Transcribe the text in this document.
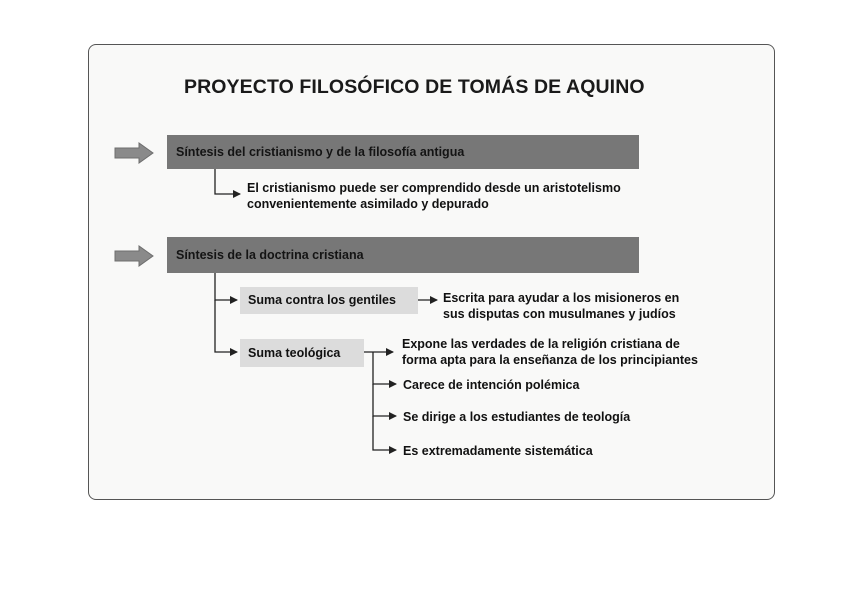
PROYECTO FILOSÓFICO DE TOMÁS DE AQUINO
Síntesis del cristianismo y de la filosofía antigua
Síntesis de la doctrina cristiana
El cristianismo puede ser comprendido desde un aristotelismo
convenientemente asimilado y depurado
Suma contra los gentiles
Suma teológica
Escrita para ayudar a los misioneros en
sus disputas con musulmanes y judíos
Expone las verdades de la religión cristiana de
forma apta para la enseñanza de los principiantes
Carece de intención polémica
Se dirige a los estudiantes de teología
Es extremadamente sistemática
